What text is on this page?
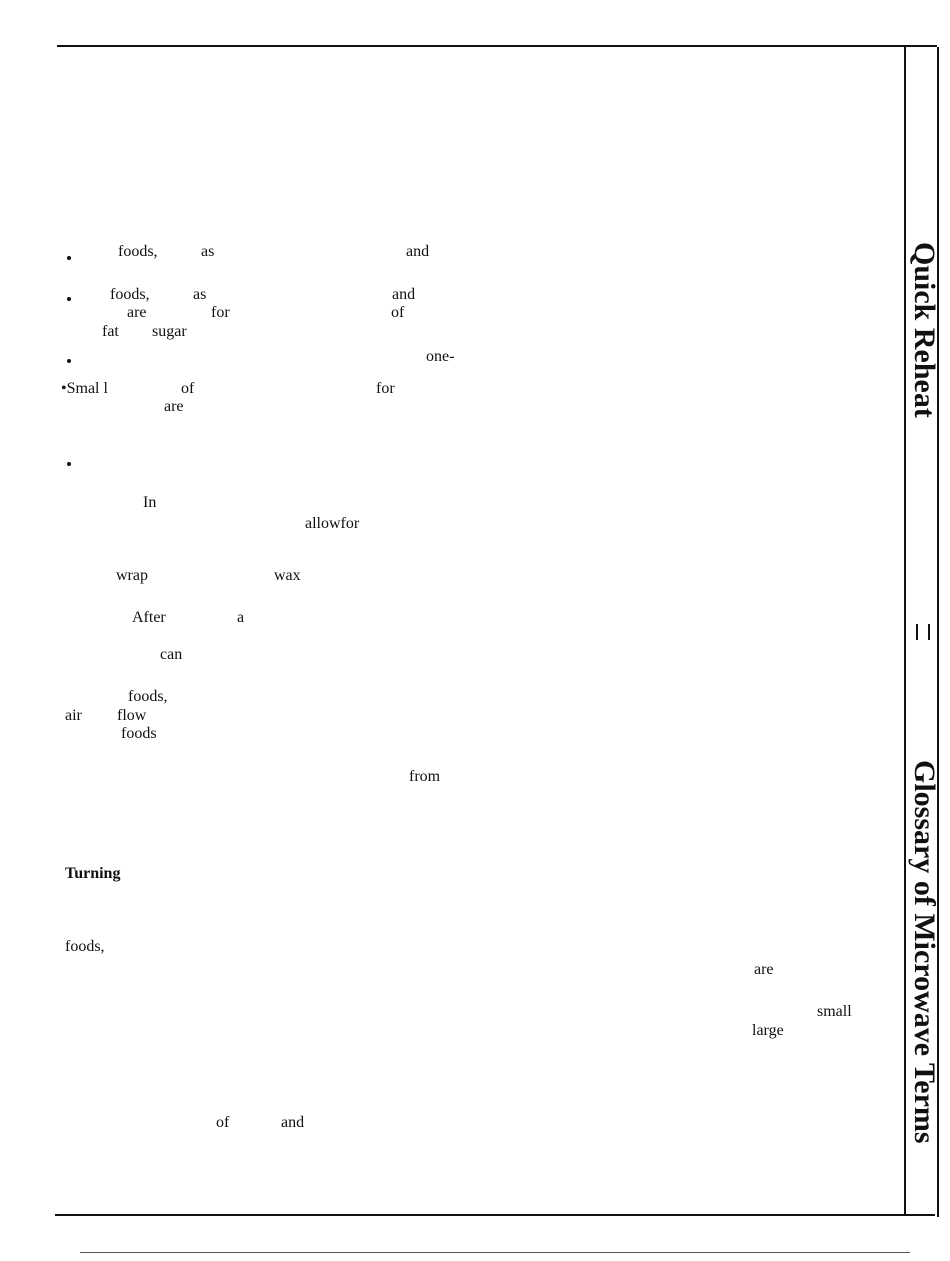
foods,	as	and
foods,	as	and
are	for	of
fat sugar
one-
•Smal l	of	for
are
In
allowfor
wrap	wax
After	a
can
foods,
air flow
foods
from
Turning
foods,
are
small
large
of	and
Quick Reheat
Glossary of Microwave Terms
